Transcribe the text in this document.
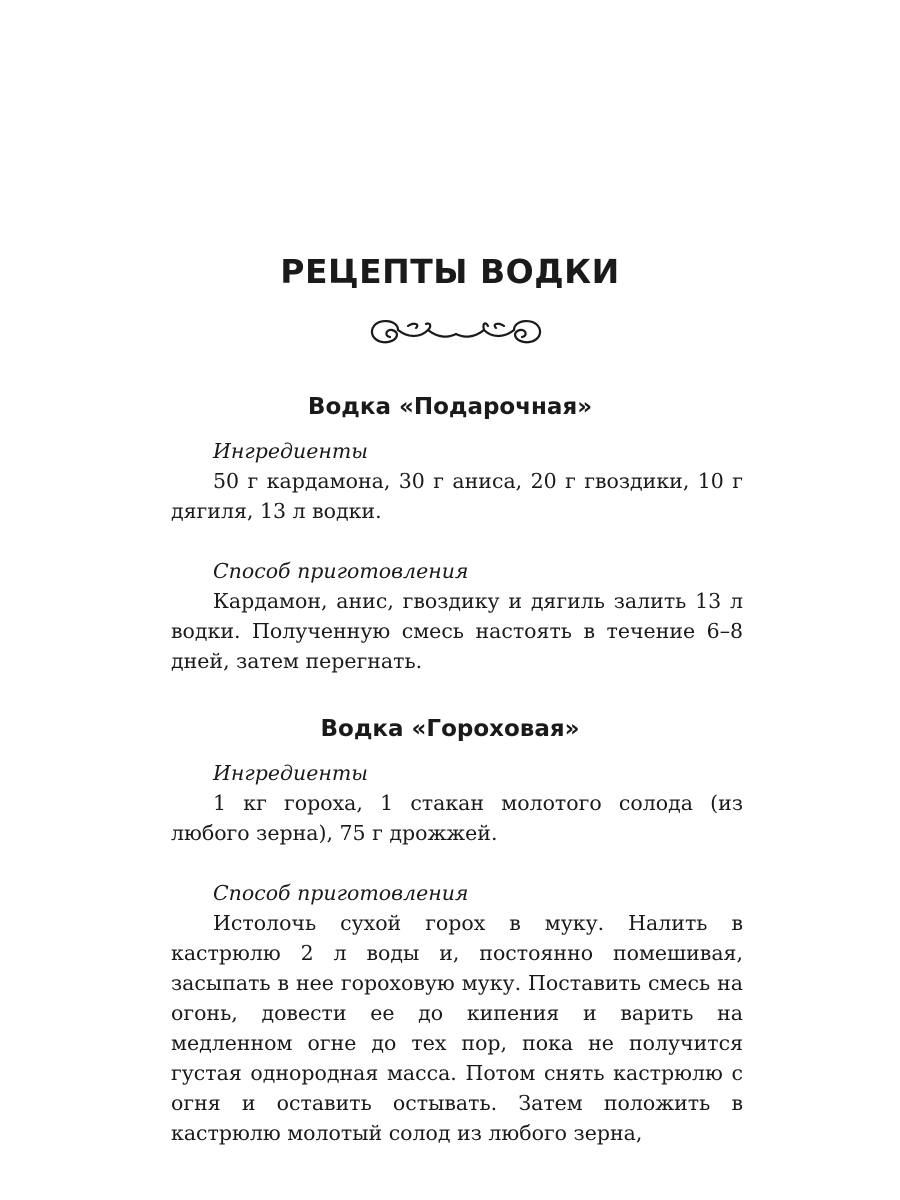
РЕЦЕПТЫ ВОДКИ
Водка «Подарочная»
Ингредиенты
50 г кардамона, 30 г аниса, 20 г гвоздики, 10 г дягиля, 13 л водки.
Способ приготовления
Кардамон, анис, гвоздику и дягиль залить 13 л водки. Полученную смесь настоять в течение 6–8 дней, затем перегнать.
Водка «Гороховая»
Ингредиенты
1 кг гороха, 1 стакан молотого солода (из любого зерна), 75 г дрожжей.
Способ приготовления
Истолочь сухой горох в муку. Налить в кастрюлю 2 л воды и, постоянно помешивая, засыпать в нее гороховую муку. Поставить смесь на огонь, довести ее до кипения и варить на медленном огне до тех пор, пока не получится густая однородная масса. Потом снять кастрюлю с огня и оставить остывать. Затем положить в кастрюлю молотый солод из любого зерна,
